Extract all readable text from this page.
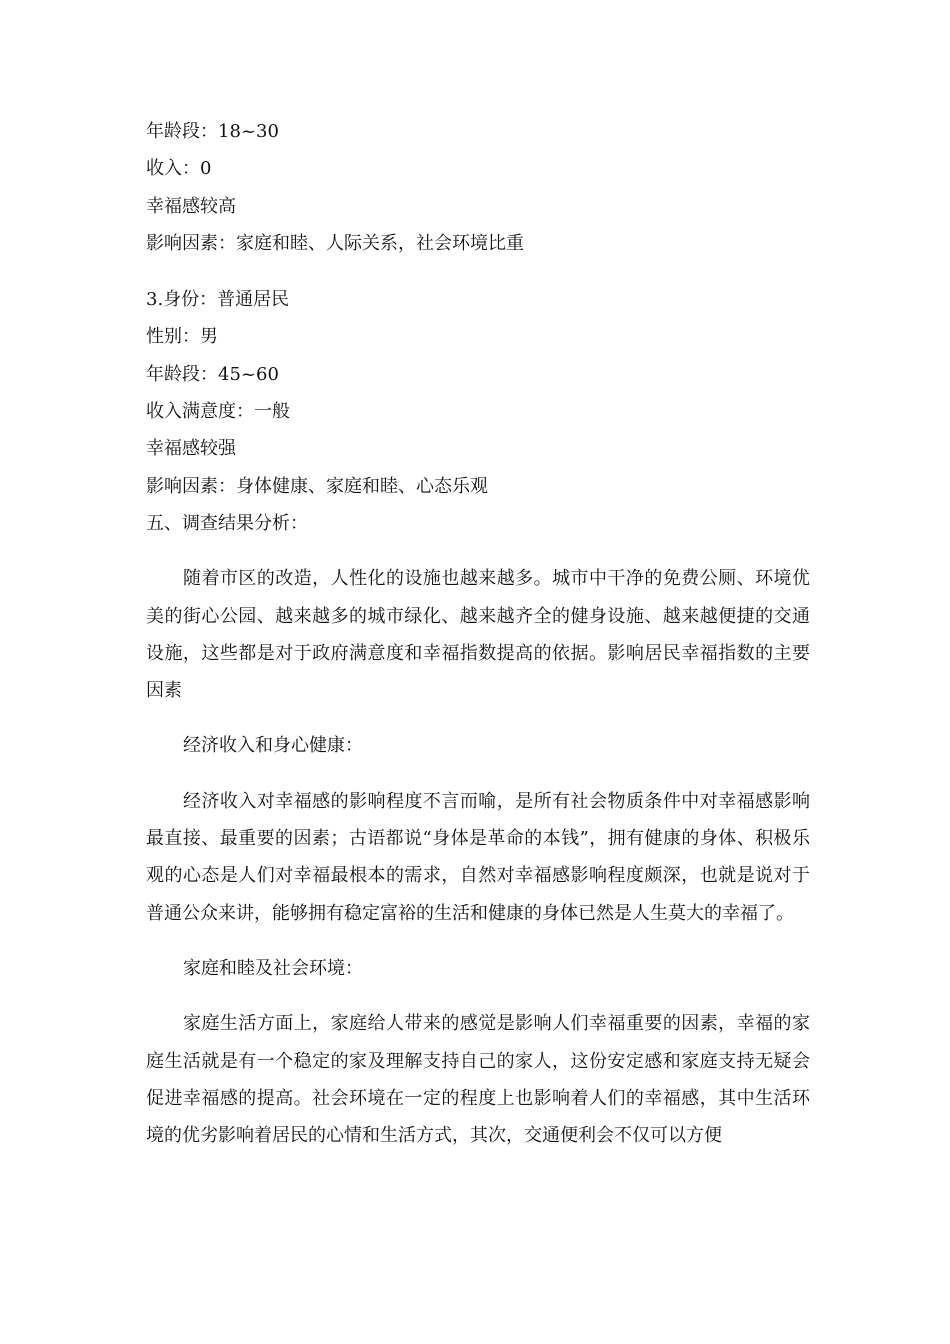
年龄段：18~30
收入：0
幸福感较高
影响因素：家庭和睦、人际关系，社会环境比重
3.身份：普通居民
性别：男
年龄段：45~60
收入满意度：一般
幸福感较强
影响因素：身体健康、家庭和睦、心态乐观
五、调查结果分析：

随着市区的改造，人性化的设施也越来越多。城市中干净的免费公厕、环境优美的街心公园、越来越多的城市绿化、越来越齐全的健身设施、越来越便捷的交通设施，这些都是对于政府满意度和幸福指数提高的依据。影响居民幸福指数的主要因素

经济收入和身心健康：

经济收入对幸福感的影响程度不言而喻，是所有社会物质条件中对幸福感影响最直接、最重要的因素；古语都说“身体是革命的本钱”，拥有健康的身体、积极乐观的心态是人们对幸福最根本的需求，自然对幸福感影响程度颇深，也就是说对于普通公众来讲，能够拥有稳定富裕的生活和健康的身体已然是人生莫大的幸福了。

家庭和睦及社会环境：

家庭生活方面上，家庭给人带来的感觉是影响人们幸福重要的因素，幸福的家庭生活就是有一个稳定的家及理解支持自己的家人，这份安定感和家庭支持无疑会促进幸福感的提高。社会环境在一定的程度上也影响着人们的幸福感，其中生活环境的优劣影响着居民的心情和生活方式，其次，交通便利会不仅可以方便
